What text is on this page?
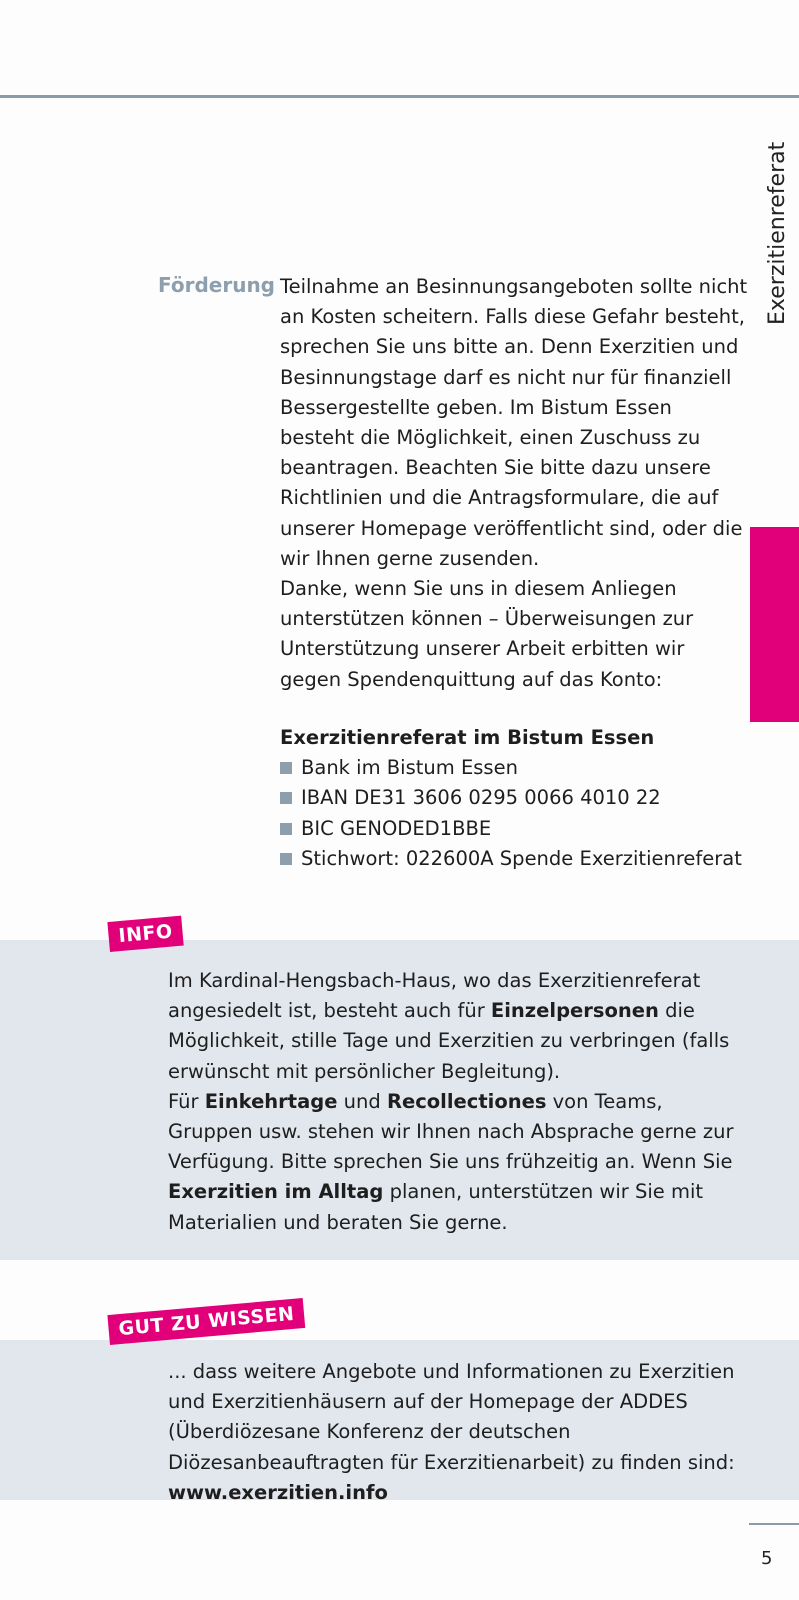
Exerzitienreferat
Förderung Teilnahme an Besinnungsangeboten sollte nicht an Kosten scheitern. Falls diese Gefahr besteht, sprechen Sie uns bitte an. Denn Exerzitien und Besinnungstage darf es nicht nur für finanziell Bessergestellte geben. Im Bistum Essen besteht die Möglichkeit, einen Zuschuss zu beantragen. Beachten Sie bitte dazu unsere Richtlinien und die Antragsformulare, die auf unserer Homepage veröffentlicht sind, oder die wir Ihnen gerne zusenden.

Danke, wenn Sie uns in diesem Anliegen unterstützen können – Überweisungen zur Unterstützung unserer Arbeit erbitten wir gegen Spendenquittung auf das Konto:

Exerzitienreferat im Bistum Essen
Bank im Bistum Essen
IBAN DE31 3606 0295 0066 4010 22
BIC GENODED1BBE
Stichwort: 022600A Spende Exerzitienreferat
INFO

Im Kardinal-Hengsbach-Haus, wo das Exerzitienreferat angesiedelt ist, besteht auch für Einzelpersonen die Möglichkeit, stille Tage und Exerzitien zu verbringen (falls erwünscht mit persönlicher Begleitung).

Für Einkehrtage und Recollectiones von Teams, Gruppen usw. stehen wir Ihnen nach Absprache gerne zur Verfügung. Bitte sprechen Sie uns frühzeitig an. Wenn Sie Exerzitien im Alltag planen, unterstützen wir Sie mit Materialien und beraten Sie gerne.

GUT ZU WISSEN
... dass weitere Angebote und Informationen zu Exerzitien und Exerzitienhäusern auf der Homepage der ADDES (Überdiözesane Konferenz der deutschen Diözesanbeauftragten für Exerzitienarbeit) zu finden sind: www.exerzitien.info
5
